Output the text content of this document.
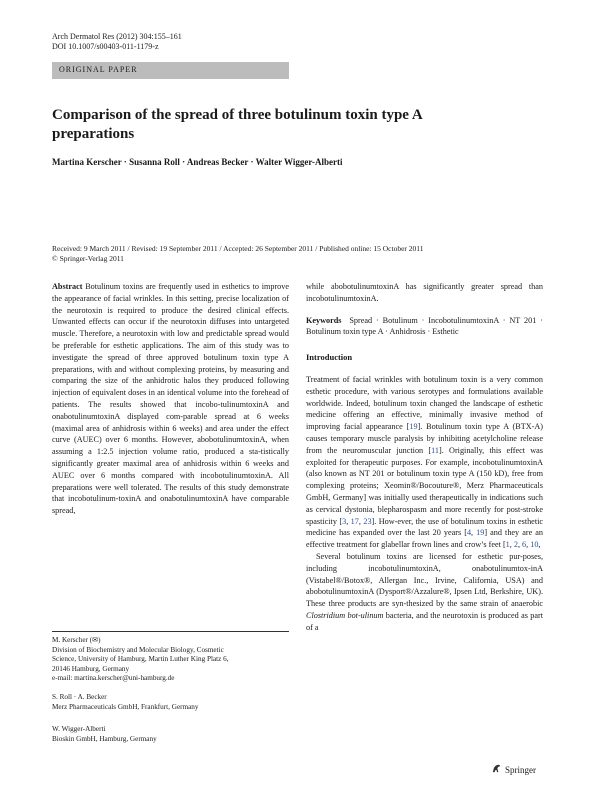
Arch Dermatol Res (2012) 304:155–161
DOI 10.1007/s00403-011-1179-z
ORIGINAL PAPER
Comparison of the spread of three botulinum toxin type A preparations
Martina Kerscher · Susanna Roll · Andreas Becker · Walter Wigger-Alberti
Received: 9 March 2011 / Revised: 19 September 2011 / Accepted: 26 September 2011 / Published online: 15 October 2011
© Springer-Verlag 2011

Abstract Botulinum toxins are frequently used in esthetics to improve the appearance of facial wrinkles. In this setting, precise localization of the neurotoxin is required to produce the desired clinical effects. Unwanted effects can occur if the neurotoxin diffuses into untargeted muscle. Therefore, a neurotoxin with low and predictable spread would be preferable for esthetic applications. The aim of this study was to investigate the spread of three approved botulinum toxin type A preparations, with and without complexing proteins, by measuring and comparing the size of the anhidrotic halos they produced following injection of equivalent doses in an identical volume into the forehead of patients. The results showed that incobo-tulinumtoxinA and onabotulinumtoxinA displayed com-parable spread at 6 weeks (maximal area of anhidrosis within 6 weeks) and area under the effect curve (AUEC) over 6 months. However, abobotulinumtoxinA, when assuming a 1:2.5 injection volume ratio, produced a sta-tistically significantly greater maximal area of anhidrosis within 6 weeks and AUEC over 6 months compared with incobotulinumtoxinA. All preparations were well tolerated. The results of this study demonstrate that incobotulinum-toxinA and onabotulinumtoxinA have comparable spread,

M. Kerscher (✉)
Division of Biochemistry and Molecular Biology, Cosmetic
Science, University of Hamburg, Martin Luther King Platz 6,
20146 Hamburg, Germany
e-mail: martina.kerscher@uni-hamburg.de
S. Roll · A. Becker
Merz Pharmaceuticals GmbH, Frankfurt, Germany
W. Wigger-Alberti
Bioskin GmbH, Hamburg, Germany

while abobotulinumtoxinA has significantly greater spread than incobotulinumtoxinA.

Keywords Spread · Botulinum · IncobotulinumtoxinA · NT 201 · Botulinum toxin type A · Anhidrosis · Esthetic

Introduction

Treatment of facial wrinkles with botulinum toxin is a very common esthetic procedure, with various serotypes and formulations available worldwide. Indeed, botulinum toxin changed the landscape of esthetic medicine offering an effective, minimally invasive method of improving facial appearance [19]. Botulinum toxin type A (BTX-A) causes temporary muscle paralysis by inhibiting acetylcholine release from the neuromuscular junction [11]. Originally, this effect was exploited for therapeutic purposes. For example, incobotulinumtoxinA (also known as NT 201 or botulinum toxin type A (150 kD), free from complexing proteins; Xeomin®/Bocouture®, Merz Pharmaceuticals GmbH, Germany] was initially used therapeutically in indications such as cervical dystonia, blepharospasm and more recently for post-stroke spasticity [3, 17, 23]. How-ever, the use of botulinum toxins in esthetic medicine has expanded over the last 20 years [4, 19] and they are an effective treatment for glabellar frown lines and crow’s feet [1, 2, 6, 10,

Several botulinum toxins are licensed for esthetic pur-poses, including incobotulinumtoxinA, onabotulinumtox-inA (Vistabel®/Botox®, Allergan Inc., Irvine, California, USA) and abobotulinumtoxinA (Dysport®/Azzalure®, Ipsen Ltd, Berkshire, UK). These three products are syn-thesized by the same strain of anaerobic Clostridium bot-ulinum bacteria, and the neurotoxin is produced as part of a

Springer
